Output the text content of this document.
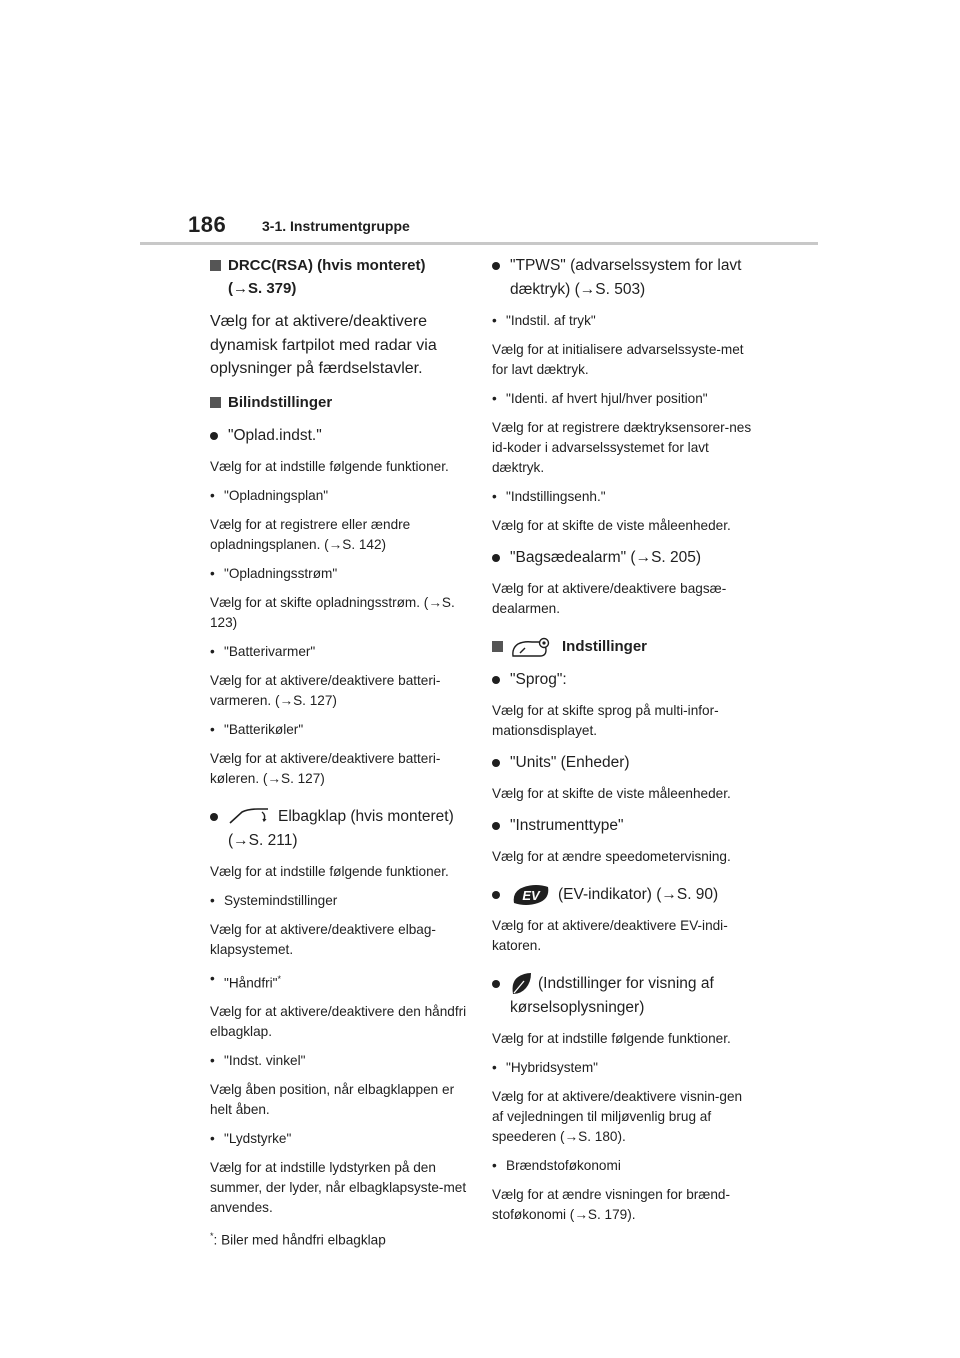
186	3-1. Instrumentgruppe
DRCC(RSA) (hvis monteret)
(→S. 379)
Vælg for at aktivere/deaktivere dynamisk fartpilot med radar via oplysninger på færdselstavler.
Bilindstillinger
"Oplad.indst."
Vælg for at indstille følgende funktioner.
• "Opladningsplan"
Vælg for at registrere eller ændre opladningsplanen. (→S. 142)
• "Opladningsstrøm"
Vælg for at skifte opladningsstrøm. (→S. 123)
• "Batterivarmer"
Vælg for at aktivere/deaktivere batteri-varmeren. (→S. 127)
• "Batterikøler"
Vælg for at aktivere/deaktivere batteri-køleren. (→S. 127)
Elbagklap (hvis monteret)
(→S. 211)
Vælg for at indstille følgende funktioner.
• Systemindstillinger
Vælg for at aktivere/deaktivere elbag-klapsystemet.
• "Håndfri"*
Vælg for at aktivere/deaktivere den håndfri elbagklap.
• "Indst. vinkel"
Vælg åben position, når elbagklappen er helt åben.
• "Lydstyrke"
Vælg for at indstille lydstyrken på den summer, der lyder, når elbagklapsyste-met anvendes.
*: Biler med håndfri elbagklap
"TPWS" (advarselssystem for lavt dæktryk) (→S. 503)
• "Indstil. af tryk"
Vælg for at initialisere advarselssyste-met for lavt dæktryk.
• "Identi. af hvert hjul/hver position"
Vælg for at registrere dæktryksensorer-nes id-koder i advarselssystemet for lavt dæktryk.
• "Indstillingsenh."
Vælg for at skifte de viste måleenheder.
"Bagsædealarm" (→S. 205)
Vælg for at aktivere/deaktivere bagsæ-dealarmen.
Indstillinger
"Sprog":
Vælg for at skifte sprog på multi-infor-mationsdisplayet.
"Units" (Enheder)
Vælg for at skifte de viste måleenheder.
"Instrumenttype"
Vælg for at ændre speedometervisning.
EV (EV-indikator) (→S. 90)
Vælg for at aktivere/deaktivere EV-indi-katoren.
(Indstillinger for visning af kørselsoplysninger)
Vælg for at indstille følgende funktioner.
• "Hybridsystem"
Vælg for at aktivere/deaktivere visnin-gen af vejledningen til miljøvenlig brug af speederen (→S. 180).
• Brændstoføkonomi
Vælg for at ændre visningen for brænd-stoføkonomi (→S. 179).
